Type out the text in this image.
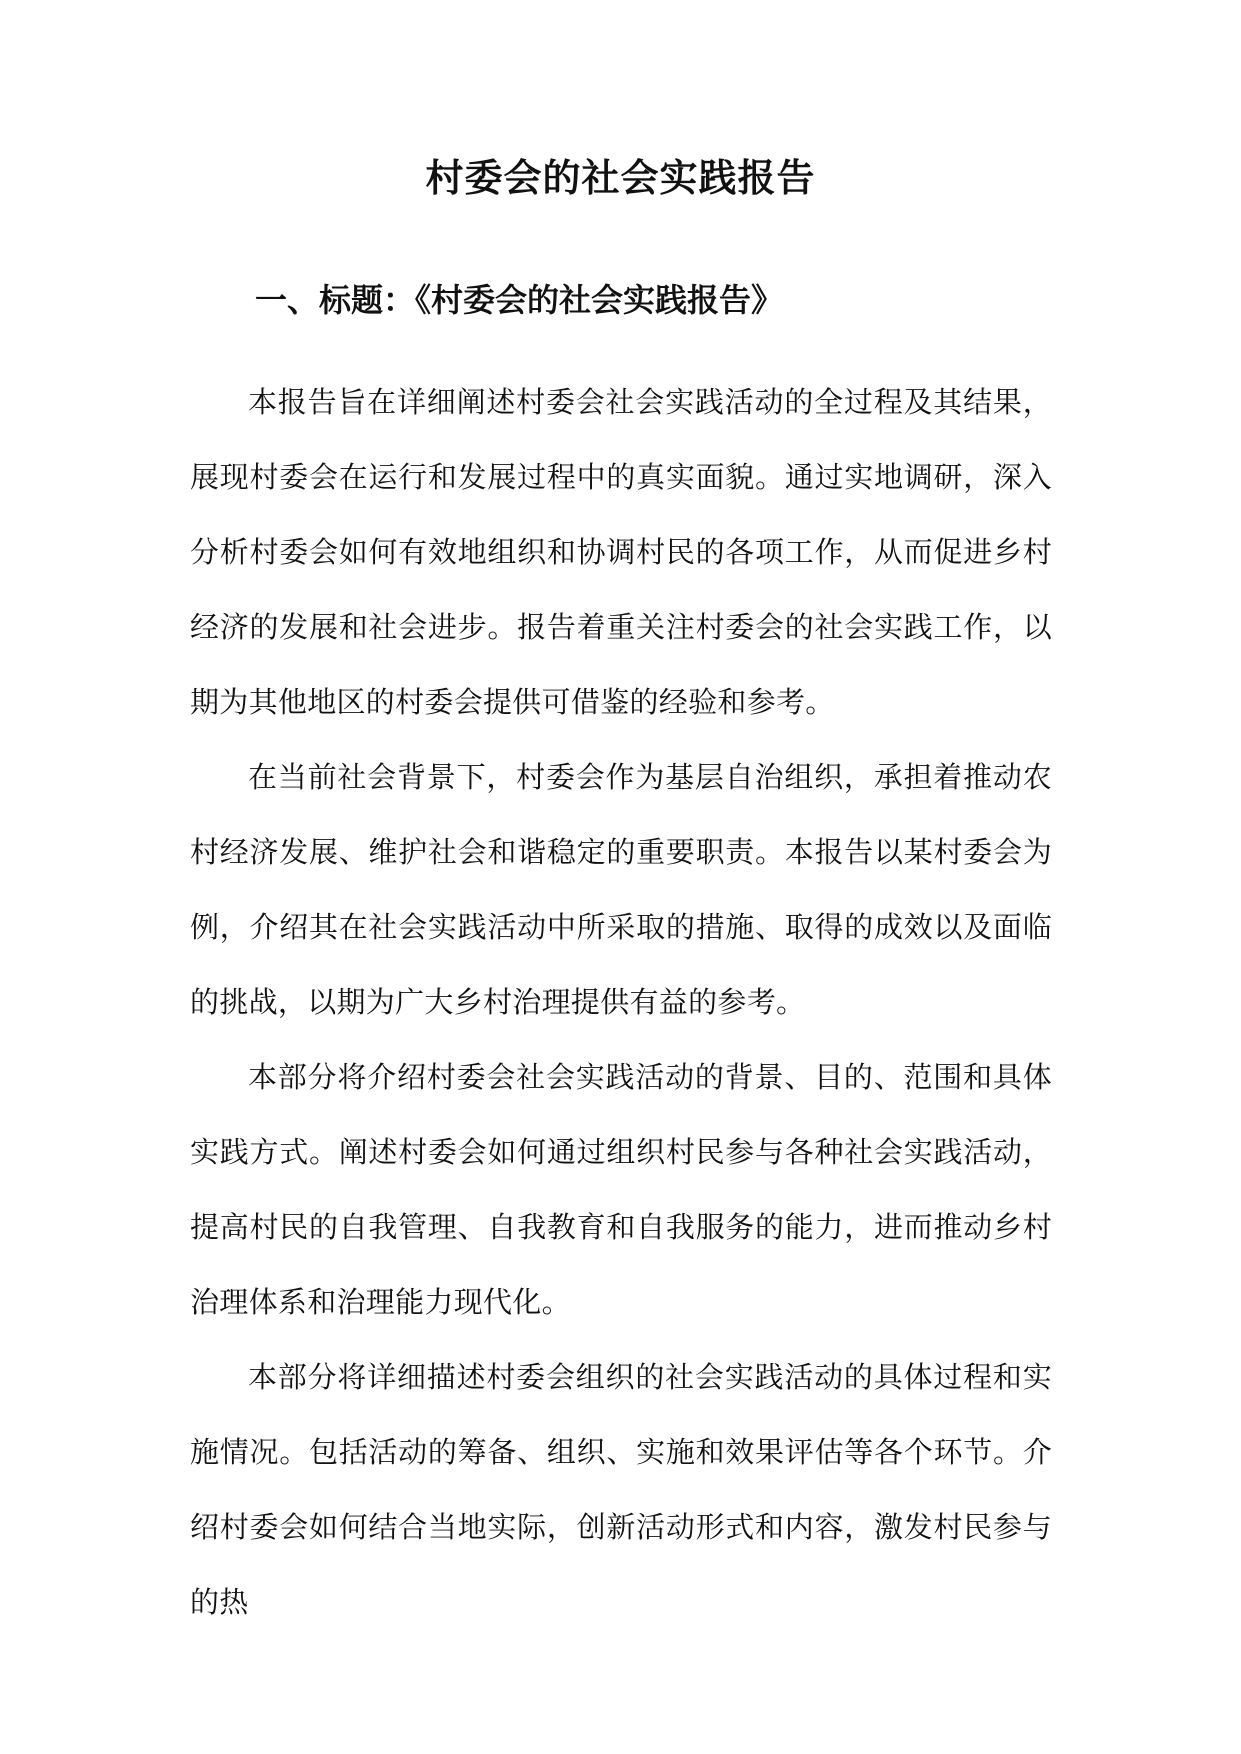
村委会的社会实践报告
一、标题：《村委会的社会实践报告》

本报告旨在详细阐述村委会社会实践活动的全过程及其结果，展现村委会在运行和发展过程中的真实面貌。通过实地调研，深入分析村委会如何有效地组织和协调村民的各项工作，从而促进乡村经济的发展和社会进步。报告着重关注村委会的社会实践工作，以期为其他地区的村委会提供可借鉴的经验和参考。

在当前社会背景下，村委会作为基层自治组织，承担着推动农村经济发展、维护社会和谐稳定的重要职责。本报告以某村委会为例，介绍其在社会实践活动中所采取的措施、取得的成效以及面临的挑战，以期为广大乡村治理提供有益的参考。

本部分将介绍村委会社会实践活动的背景、目的、范围和具体实践方式。阐述村委会如何通过组织村民参与各种社会实践活动，提高村民的自我管理、自我教育和自我服务的能力，进而推动乡村治理体系和治理能力现代化。

本部分将详细描述村委会组织的社会实践活动的具体过程和实施情况。包括活动的筹备、组织、实施和效果评估等各个环节。介绍村委会如何结合当地实际，创新活动形式和内容，激发村民参与的热
